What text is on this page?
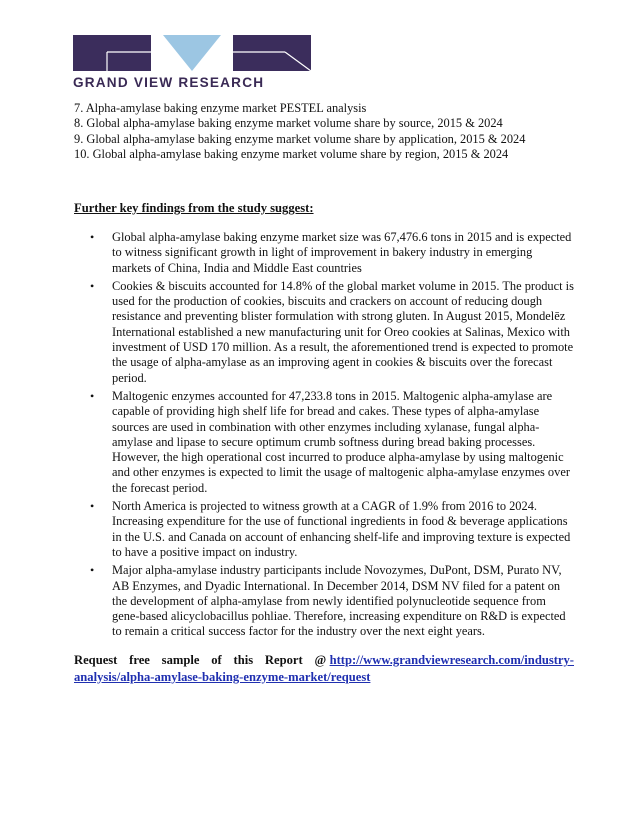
GRAND VIEW RESEARCH
7. Alpha-amylase baking enzyme market PESTEL analysis
8. Global alpha-amylase baking enzyme market volume share by source, 2015 & 2024
9. Global alpha-amylase baking enzyme market volume share by application, 2015 & 2024
10. Global alpha-amylase baking enzyme market volume share by region, 2015 & 2024
Further key findings from the study suggest:
• Global alpha-amylase baking enzyme market size was 67,476.6 tons in 2015 and is expected to witness significant growth in light of improvement in bakery industry in emerging markets of China, India and Middle East countries
• Cookies & biscuits accounted for 14.8% of the global market volume in 2015. The product is used for the production of cookies, biscuits and crackers on account of reducing dough resistance and preventing blister formulation with strong gluten. In August 2015, Mondelēz International established a new manufacturing unit for Oreo cookies at Salinas, Mexico with investment of USD 170 million. As a result, the aforementioned trend is expected to promote the usage of alpha-amylase as an improving agent in cookies & biscuits over the forecast period.
• Maltogenic enzymes accounted for 47,233.8 tons in 2015. Maltogenic alpha-amylase are capable of providing high shelf life for bread and cakes. These types of alpha-amylase sources are used in combination with other enzymes including xylanase, fungal alpha-amylase and lipase to secure optimum crumb softness during bread baking processes. However, the high operational cost incurred to produce alpha-amylase by using maltogenic and other enzymes is expected to limit the usage of maltogenic alpha-amylase enzymes over the forecast period.
• North America is projected to witness growth at a CAGR of 1.9% from 2016 to 2024. Increasing expenditure for the use of functional ingredients in food & beverage applications in the U.S. and Canada on account of enhancing shelf-life and improving texture is expected to have a positive impact on industry.
• Major alpha-amylase industry participants include Novozymes, DuPont, DSM, Purato NV, AB Enzymes, and Dyadic International. In December 2014, DSM NV filed for a patent on the development of alpha-amylase from newly identified polynucleotide sequence from gene-based alicyclobacillus pohliae. Therefore, increasing expenditure on R&D is expected to remain a critical success factor for the industry over the next eight years.
Request free sample of this Report @ http://www.grandviewresearch.com/industry-analysis/alpha-amylase-baking-enzyme-market/request
